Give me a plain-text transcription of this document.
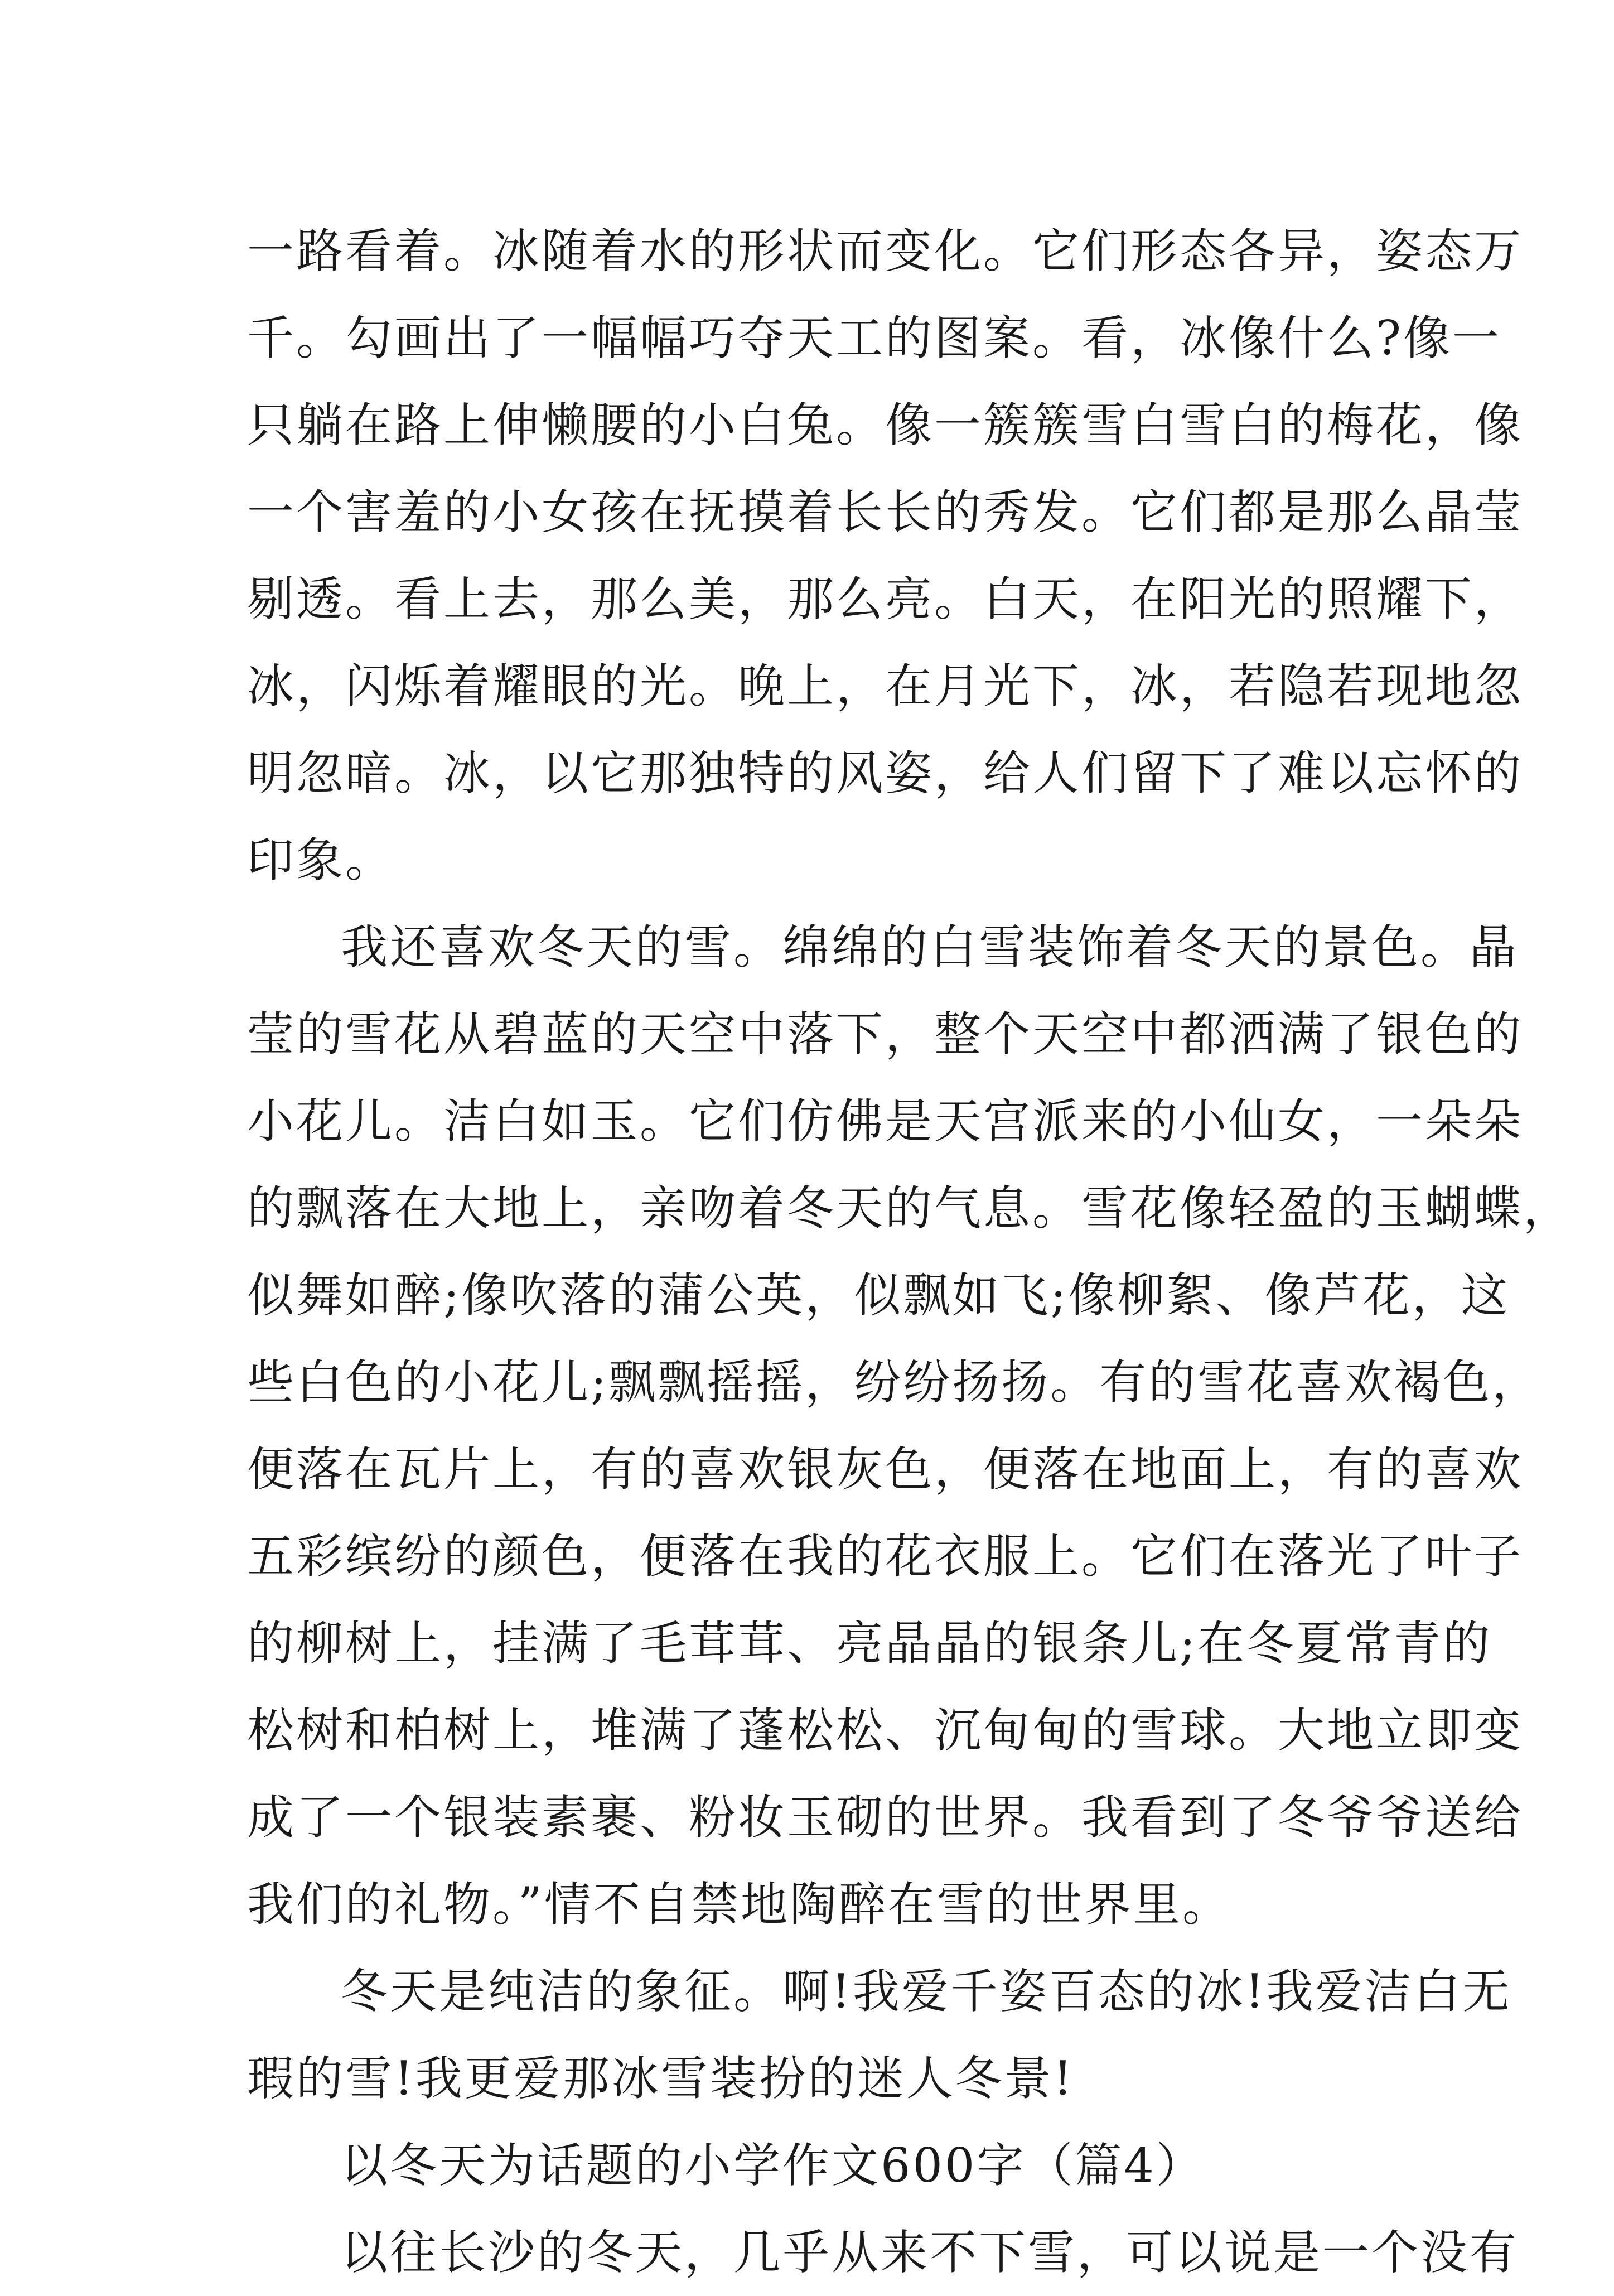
一路看着。冰随着水的形状而变化。它们形态各异，姿态万
千。勾画出了一幅幅巧夺天工的图案。看，冰像什么?像一
只躺在路上伸懒腰的小白兔。像一簇簇雪白雪白的梅花，像
一个害羞的小女孩在抚摸着长长的秀发。它们都是那么晶莹
剔透。看上去，那么美，那么亮。白天，在阳光的照耀下，
冰，闪烁着耀眼的光。晚上，在月光下，冰，若隐若现地忽
明忽暗。冰，以它那独特的风姿，给人们留下了难以忘怀的
印象。
我还喜欢冬天的雪。绵绵的白雪装饰着冬天的景色。晶
莹的雪花从碧蓝的天空中落下，整个天空中都洒满了银色的
小花儿。洁白如玉。它们仿佛是天宫派来的小仙女，一朵朵
的飘落在大地上，亲吻着冬天的气息。雪花像轻盈的玉蝴蝶，
似舞如醉;像吹落的蒲公英，似飘如飞;像柳絮、像芦花，这
些白色的小花儿;飘飘摇摇，纷纷扬扬。有的雪花喜欢褐色，
便落在瓦片上，有的喜欢银灰色，便落在地面上，有的喜欢
五彩缤纷的颜色，便落在我的花衣服上。它们在落光了叶子
的柳树上，挂满了毛茸茸、亮晶晶的银条儿;在冬夏常青的
松树和柏树上，堆满了蓬松松、沉甸甸的雪球。大地立即变
成了一个银装素裹、粉妆玉砌的世界。我看到了冬爷爷送给
我们的礼物。”情不自禁地陶醉在雪的世界里。
冬天是纯洁的象征。啊!我爱千姿百态的冰!我爱洁白无
瑕的雪!我更爱那冰雪装扮的迷人冬景!
以冬天为话题的小学作文600字（篇4）
以往长沙的冬天，几乎从来不下雪，可以说是一个没有
